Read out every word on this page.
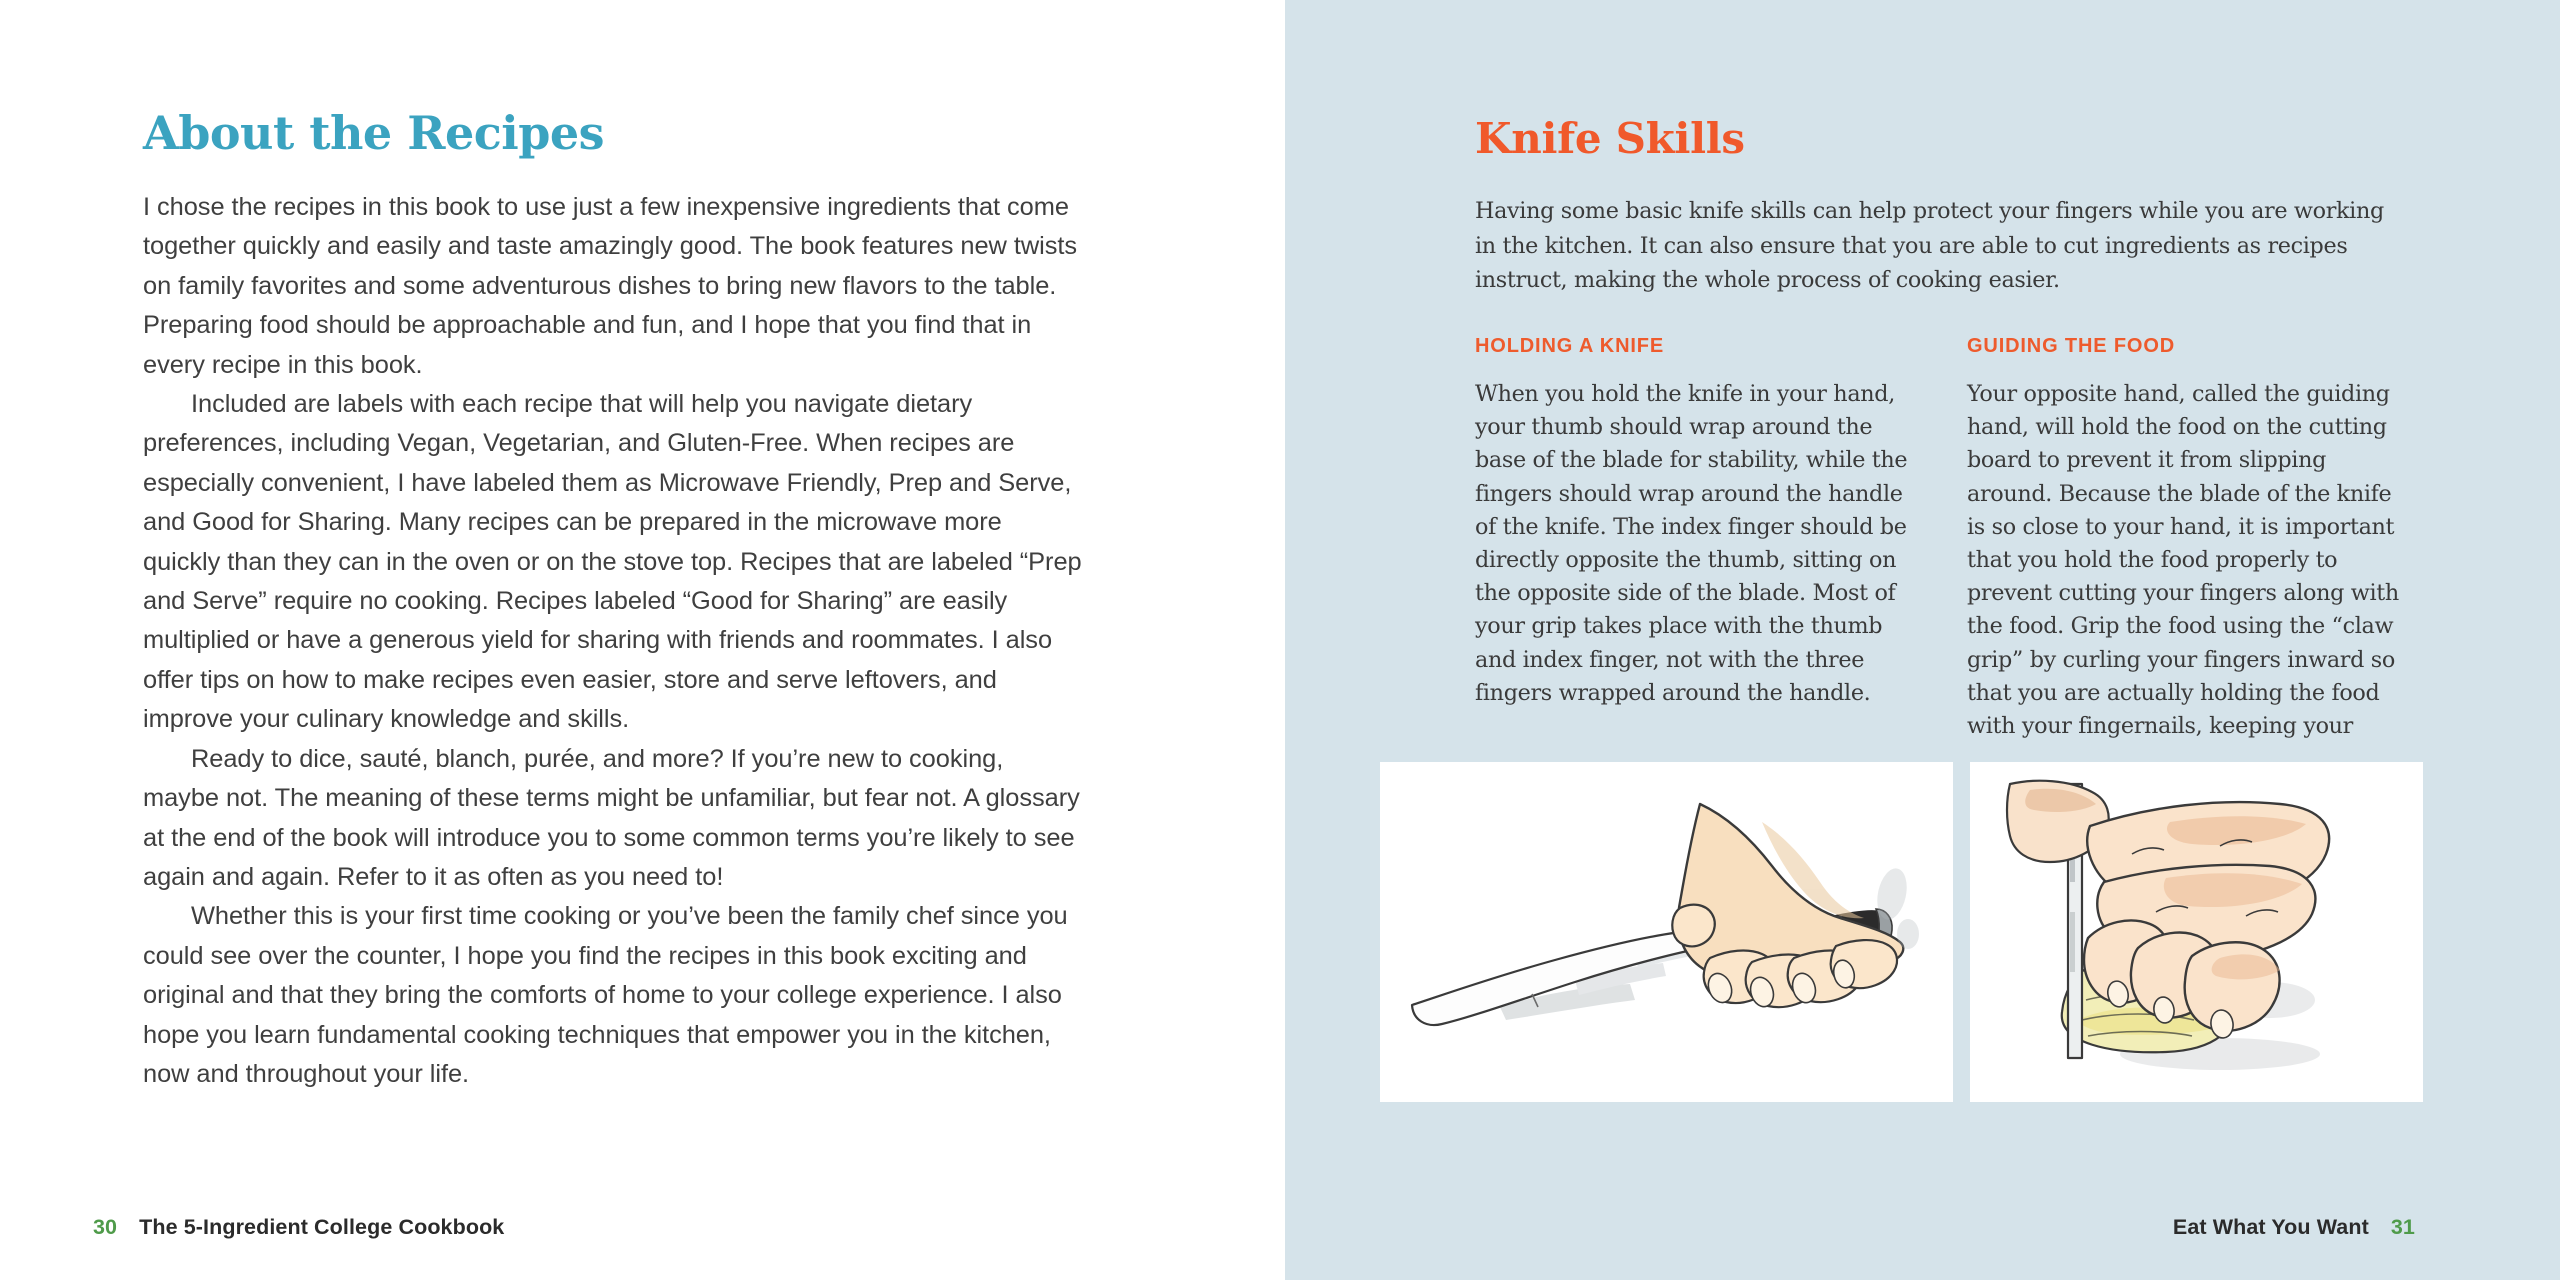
About the Recipes

I chose the recipes in this book to use just a few inexpensive ingredients that come together quickly and easily and taste amazingly good. The book features new twists on family favorites and some adventurous dishes to bring new flavors to the table. Preparing food should be approachable and fun, and I hope that you find that in every recipe in this book.

Included are labels with each recipe that will help you navigate dietary preferences, including Vegan, Vegetarian, and Gluten-Free. When recipes are especially convenient, I have labeled them as Microwave Friendly, Prep and Serve, and Good for Sharing. Many recipes can be prepared in the microwave more quickly than they can in the oven or on the stove top. Recipes that are labeled “Prep and Serve” require no cooking. Recipes labeled “Good for Sharing” are easily multiplied or have a generous yield for sharing with friends and roommates. I also offer tips on how to make recipes even easier, store and serve leftovers, and improve your culinary knowledge and skills.

Ready to dice, sauté, blanch, purée, and more? If you’re new to cooking, maybe not. The meaning of these terms might be unfamiliar, but fear not. A glossary at the end of the book will introduce you to some common terms you’re likely to see again and again. Refer to it as often as you need to!

Whether this is your first time cooking or you’ve been the family chef since you could see over the counter, I hope you find the recipes in this book exciting and original and that they bring the comforts of home to your college experience. I also hope you learn fundamental cooking techniques that empower you in the kitchen, now and throughout your life.

30 The 5-Ingredient College Cookbook
Knife Skills

Having some basic knife skills can help protect your fingers while you are working in the kitchen. It can also ensure that you are able to cut ingredients as recipes instruct, making the whole process of cooking easier.

HOLDING A KNIFE	GUIDING THE FOOD

When you hold the knife in your hand, your thumb should wrap around the base of the blade for stability, while the fingers should wrap around the handle of the knife. The index finger should be directly opposite the thumb, sitting on the opposite side of the blade. Most of your grip takes place with the thumb and index finger, not with the three fingers wrapped around the handle.

Your opposite hand, called the guiding hand, will hold the food on the cutting board to prevent it from slipping around. Because the blade of the knife is so close to your hand, it is important that you hold the food properly to prevent cutting your fingers along with the food. Grip the food using the “claw grip” by curling your fingers inward so that you are actually holding the food with your fingernails, keeping your

Eat What You Want 31
